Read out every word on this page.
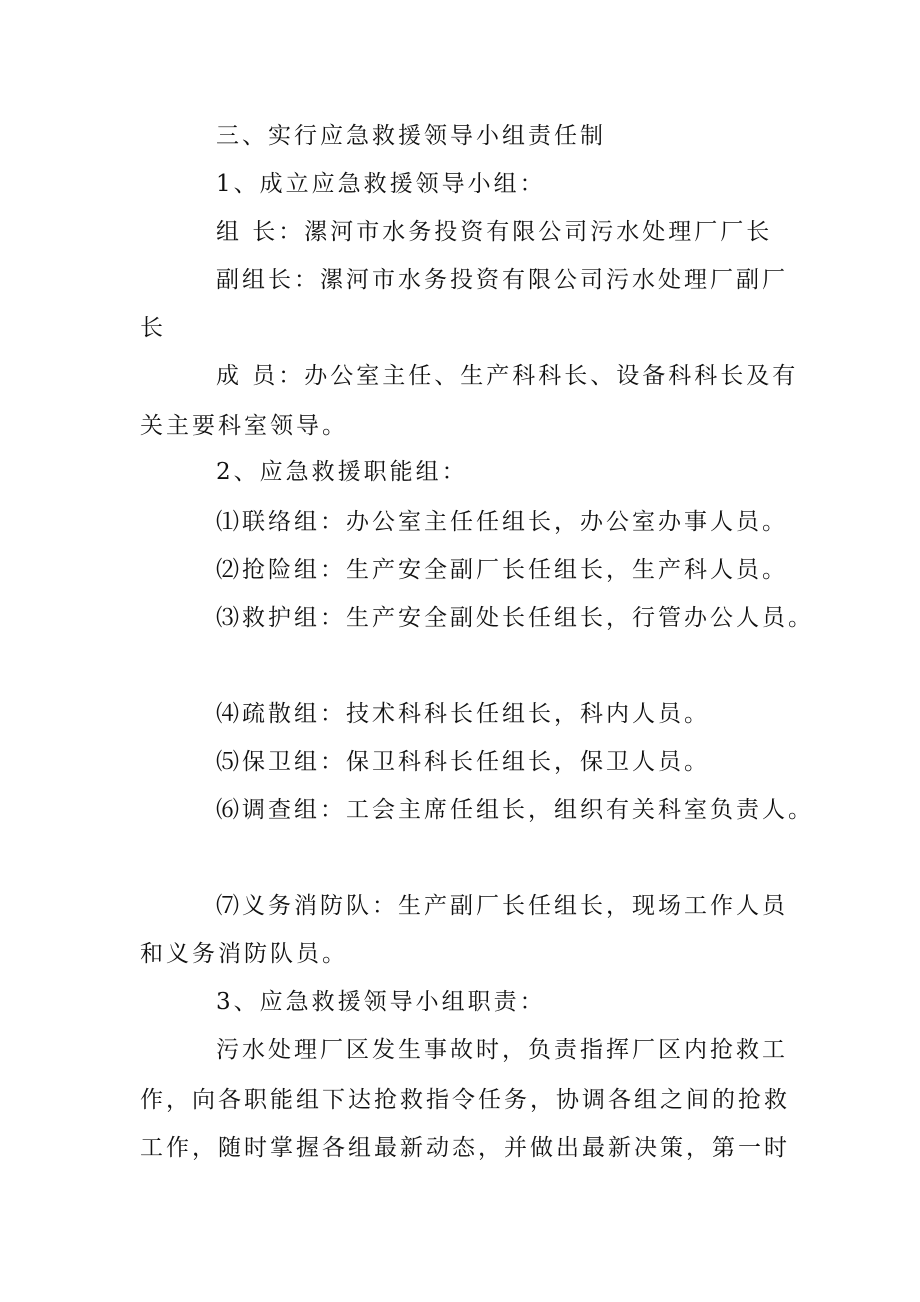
三、实行应急救援领导小组责任制
1、成立应急救援领导小组：
组 长：漯河市水务投资有限公司污水处理厂厂长
副组长：漯河市水务投资有限公司污水处理厂副厂
长
成 员：办公室主任、生产科科长、设备科科长及有
关主要科室领导。
2、应急救援职能组：
⑴联络组：办公室主任任组长，办公室办事人员。
⑵抢险组：生产安全副厂长任组长，生产科人员。
⑶救护组：生产安全副处长任组长，行管办公人员。
⑷疏散组：技术科科长任组长，科内人员。
⑸保卫组：保卫科科长任组长，保卫人员。
⑹调查组：工会主席任组长，组织有关科室负责人。
⑺义务消防队：生产副厂长任组长，现场工作人员
和义务消防队员。
3、应急救援领导小组职责：
污水处理厂区发生事故时，负责指挥厂区内抢救工
作，向各职能组下达抢救指令任务，协调各组之间的抢救
工作，随时掌握各组最新动态，并做出最新决策，第一时
